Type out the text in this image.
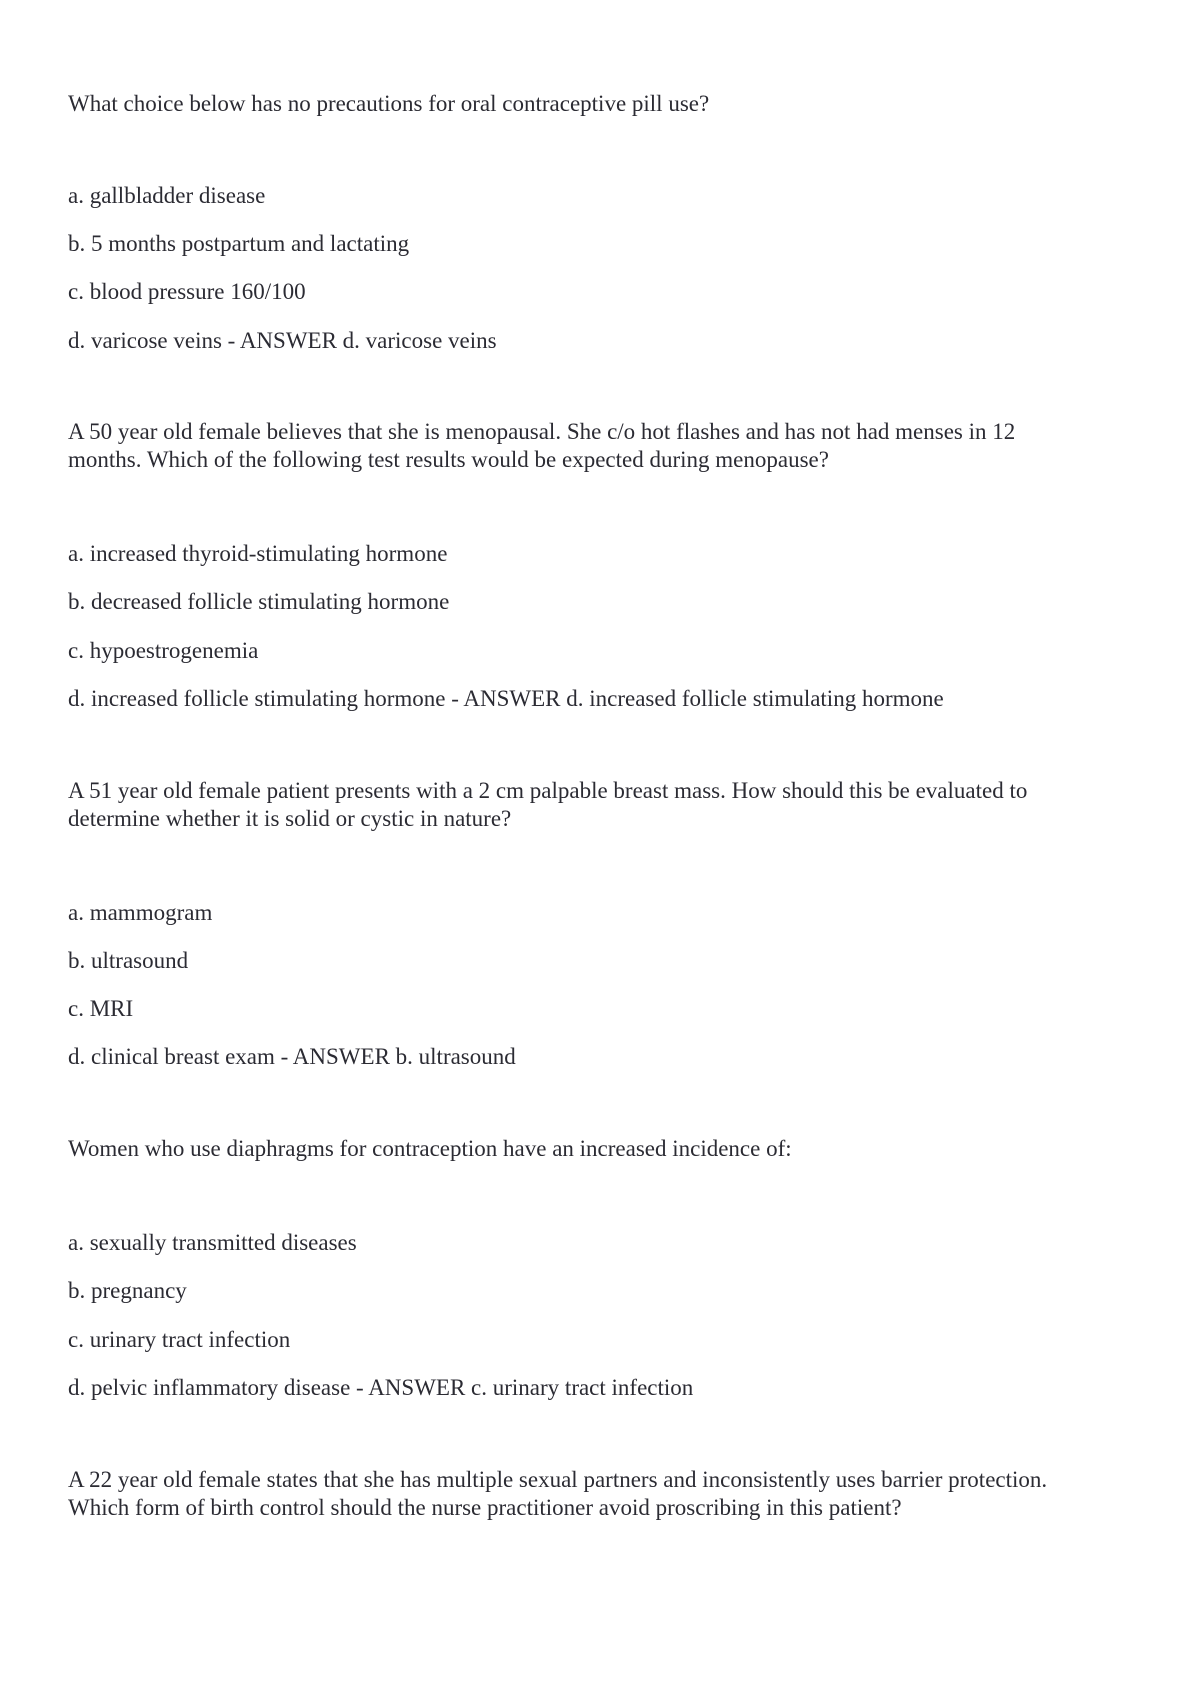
What choice below has no precautions for oral contraceptive pill use?
a. gallbladder disease
b. 5 months postpartum and lactating
c. blood pressure 160/100
d. varicose veins - ANSWER d. varicose veins
A 50 year old female believes that she is menopausal. She c/o hot flashes and has not had menses in 12
months. Which of the following test results would be expected during menopause?
a. increased thyroid-stimulating hormone
b. decreased follicle stimulating hormone
c. hypoestrogenemia
d. increased follicle stimulating hormone - ANSWER d. increased follicle stimulating hormone
A 51 year old female patient presents with a 2 cm palpable breast mass. How should this be evaluated to
determine whether it is solid or cystic in nature?
a. mammogram
b. ultrasound
c. MRI
d. clinical breast exam - ANSWER b. ultrasound
Women who use diaphragms for contraception have an increased incidence of:
a. sexually transmitted diseases
b. pregnancy
c. urinary tract infection
d. pelvic inflammatory disease - ANSWER c. urinary tract infection
A 22 year old female states that she has multiple sexual partners and inconsistently uses barrier protection.
Which form of birth control should the nurse practitioner avoid proscribing in this patient?
